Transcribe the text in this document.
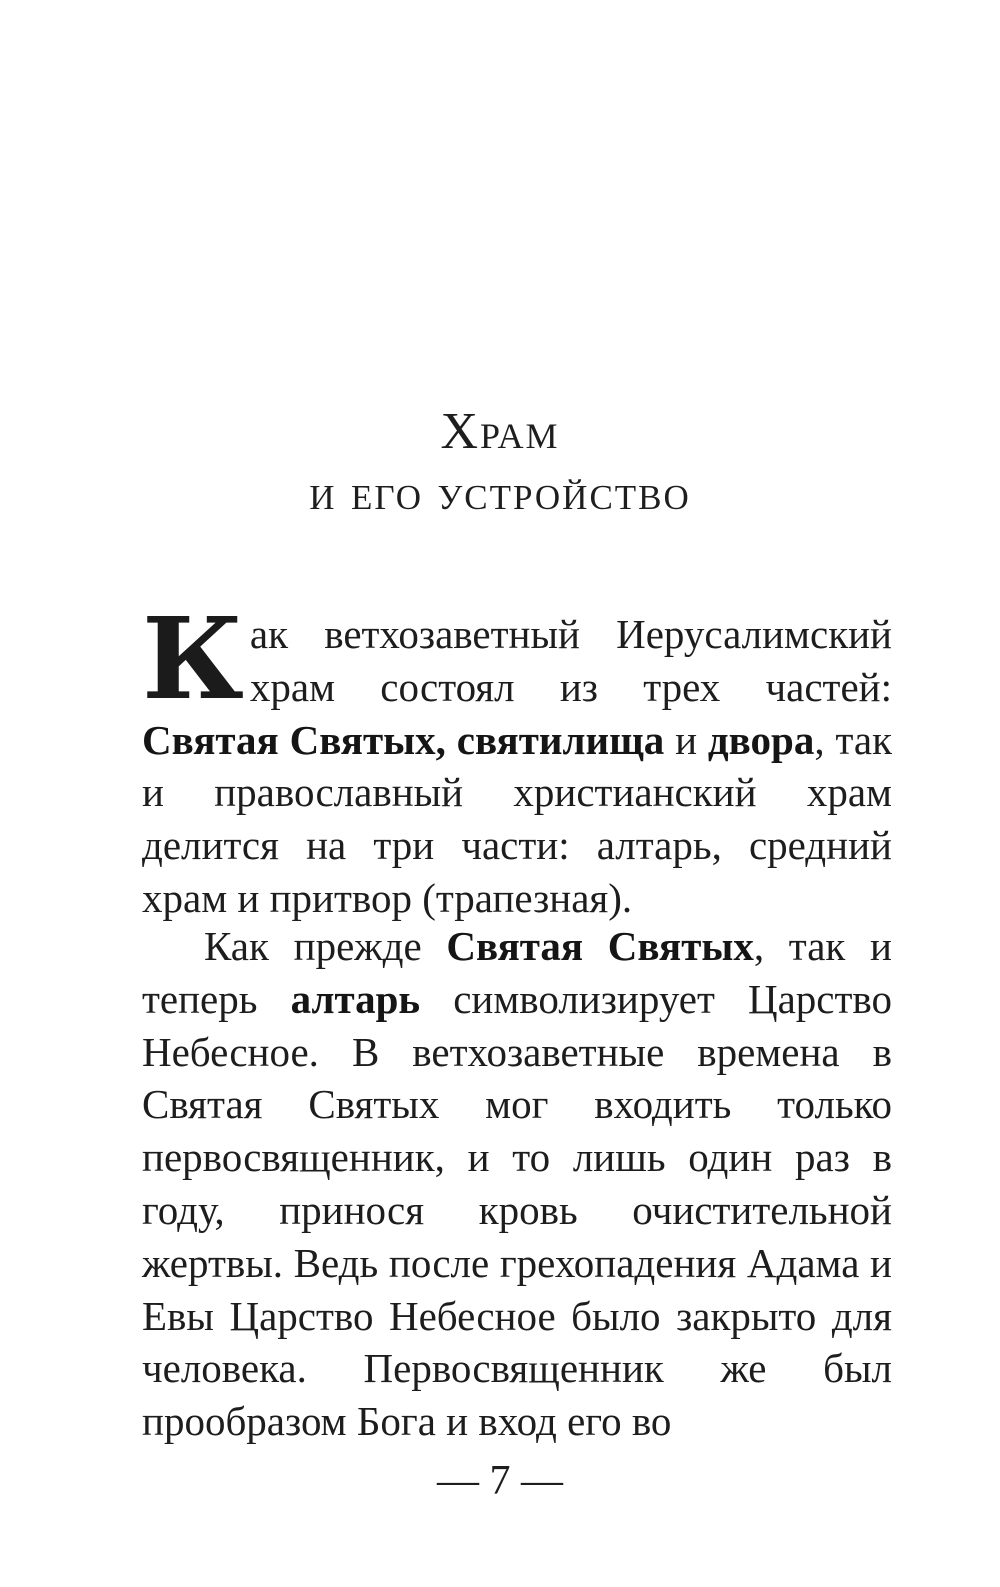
Храм
и его устройство

Как ветхозаветный Иерусалимский храм состоял из трех частей: Святая Святых, святилища и двора, так и православный христианский храм делится на три части: алтарь, средний храм и притвор (трапезная).

Как прежде Святая Святых, так и теперь алтарь символизирует Царство Небесное. В ветхозаветные времена в Святая Святых мог входить только первосвященник, и то лишь один раз в году, принося кровь очистительной жертвы. Ведь после грехопадения Адама и Евы Царство Небесное было закрыто для человека. Первосвященник же был прообразом Бога и вход его во

— 7 —
